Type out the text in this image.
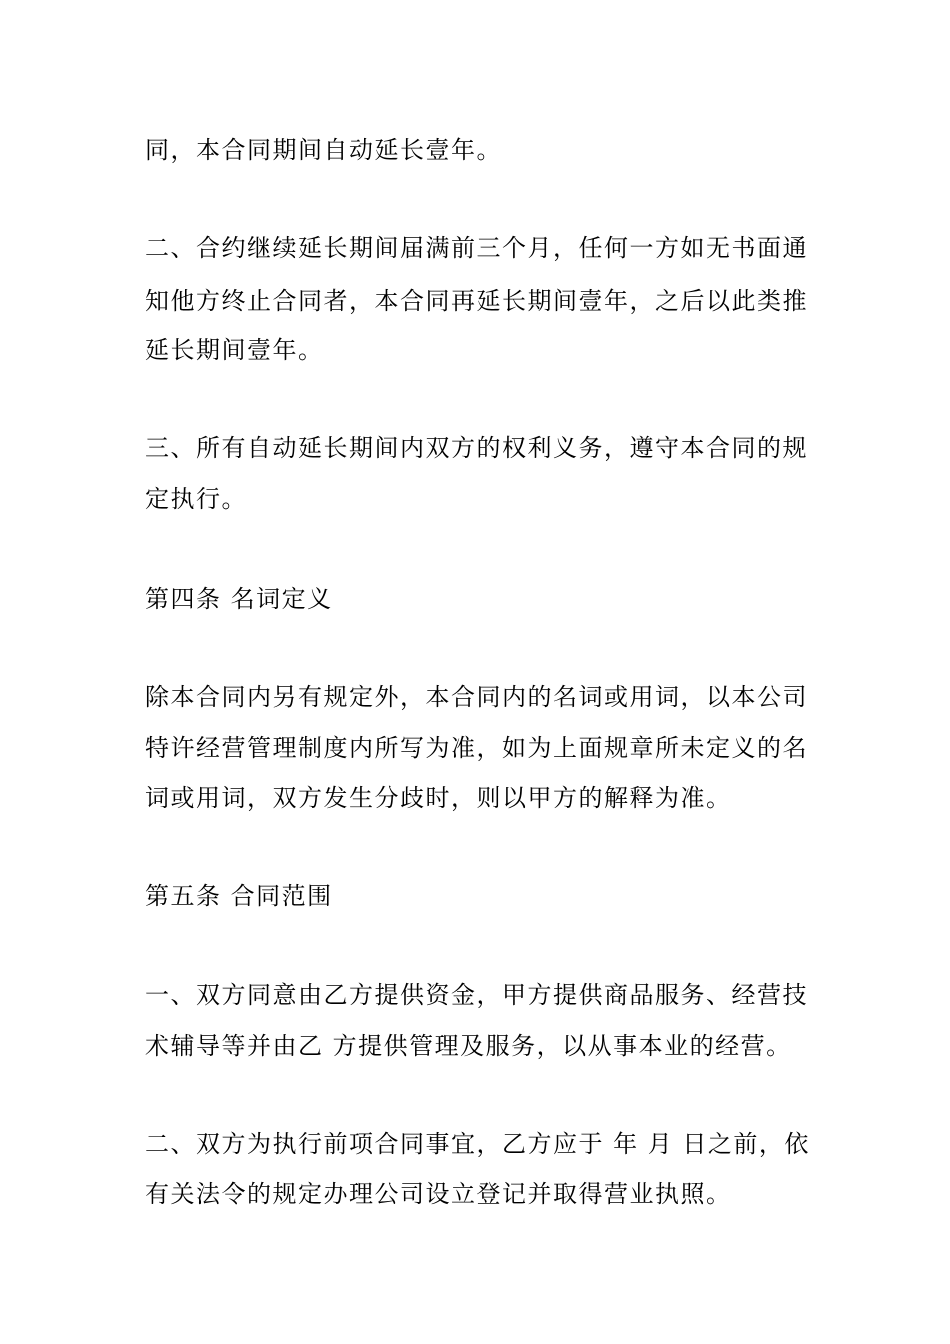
同，本合同期间自动延长壹年。
二、合约继续延长期间届满前三个月，任何一方如无书面通
知他方终止合同者，本合同再延长期间壹年，之后以此类推
延长期间壹年。
三、所有自动延长期间内双方的权利义务，遵守本合同的规
定执行。
第四条 名词定义
除本合同内另有规定外，本合同内的名词或用词，以本公司
特许经营管理制度内所写为准，如为上面规章所未定义的名
词或用词，双方发生分歧时，则以甲方的解释为准。
第五条 合同范围
一、双方同意由乙方提供资金，甲方提供商品服务、经营技
术辅导等并由乙 方提供管理及服务，以从事本业的经营。
二、双方为执行前项合同事宜，乙方应于 年 月 日之前，依
有关法令的规定办理公司设立登记并取得营业执照。
